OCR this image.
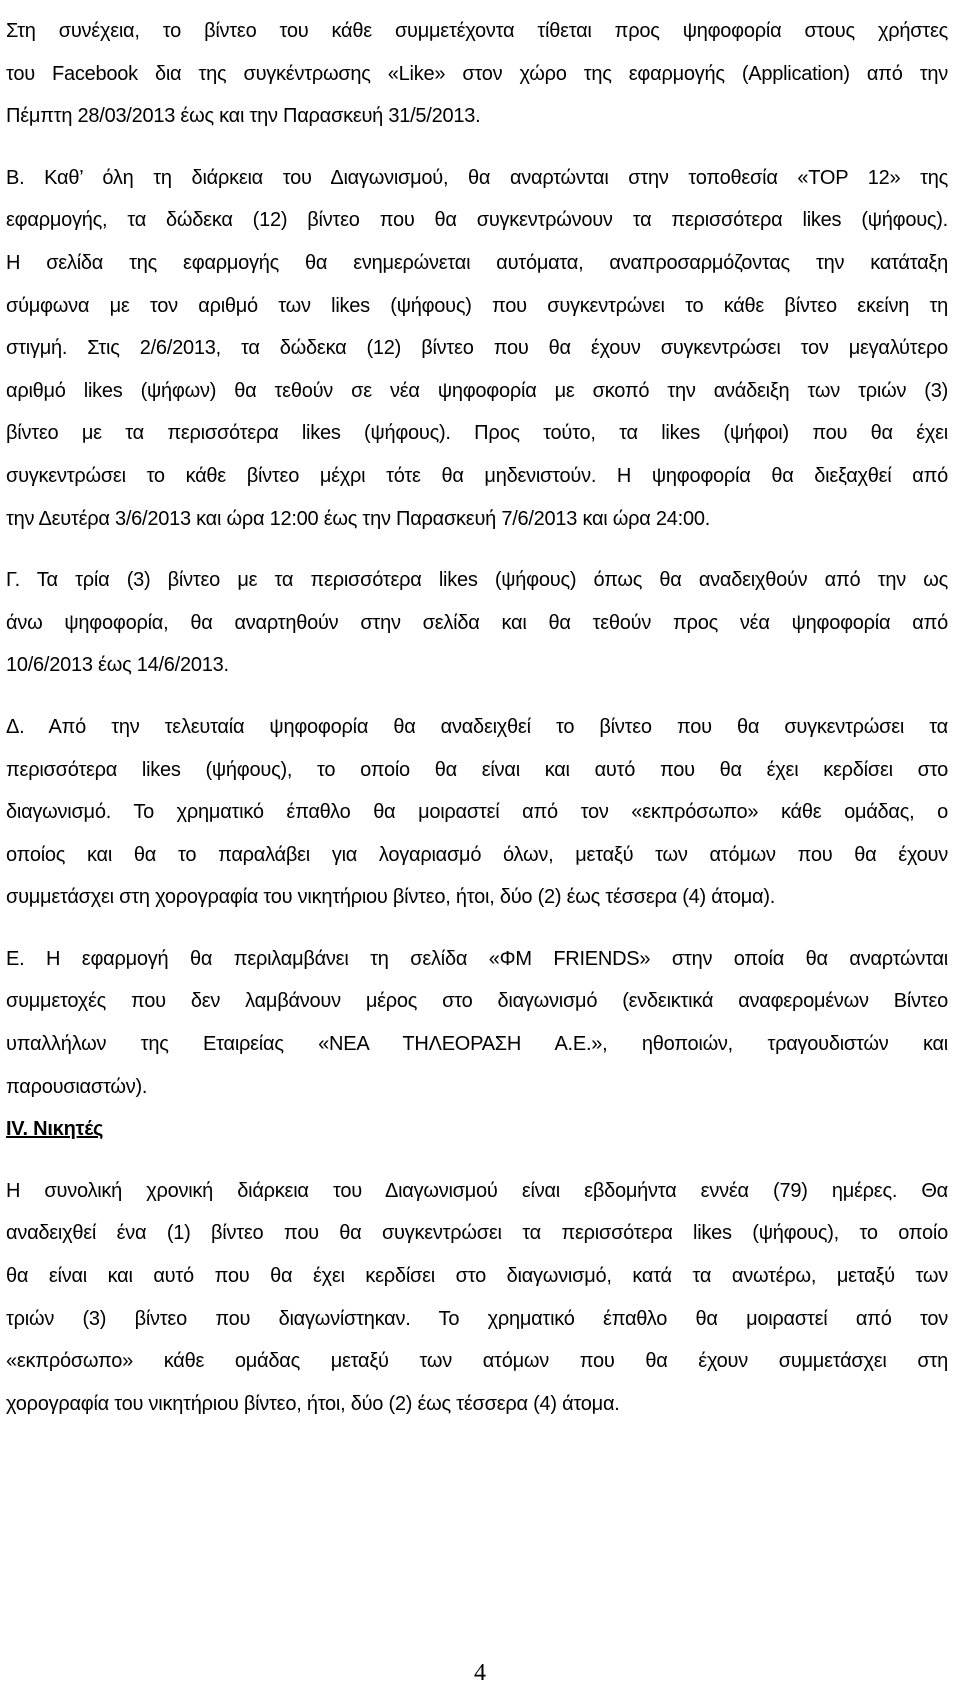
Στη συνέχεια, το βίντεο του κάθε συμμετέχοντα τίθεται προς ψηφοφορία στους χρήστες
του Facebook δια της συγκέντρωσης «Like» στον χώρο της εφαρμογής (Application) από την
Πέμπτη 28/03/2013 έως και την Παρασκευή 31/5/2013.
Β. Καθ’ όλη τη διάρκεια του Διαγωνισμού, θα αναρτώνται στην τοποθεσία «TOP 12» της
εφαρμογής, τα δώδεκα (12) βίντεο που θα συγκεντρώνουν τα περισσότερα likes (ψήφους).
Η σελίδα της εφαρμογής θα ενημερώνεται αυτόματα, αναπροσαρμόζοντας την κατάταξη
σύμφωνα με τον αριθμό των likes (ψήφους) που συγκεντρώνει το κάθε βίντεο εκείνη τη
στιγμή. Στις 2/6/2013, τα δώδεκα (12) βίντεο που θα έχουν συγκεντρώσει τον μεγαλύτερο
αριθμό likes (ψήφων) θα τεθούν σε νέα ψηφοφορία με σκοπό την ανάδειξη των τριών (3)
βίντεο με τα περισσότερα likes (ψήφους). Προς τούτο, τα likes (ψήφοι) που θα έχει
συγκεντρώσει το κάθε βίντεο μέχρι τότε θα μηδενιστούν. Η ψηφοφορία θα διεξαχθεί από
την Δευτέρα 3/6/2013 και ώρα 12:00 έως την Παρασκευή 7/6/2013 και ώρα 24:00.
Γ. Τα τρία (3) βίντεο με τα περισσότερα likes (ψήφους) όπως θα αναδειχθούν από την ως
άνω ψηφοφορία, θα αναρτηθούν στην σελίδα και θα τεθούν προς νέα ψηφοφορία από
10/6/2013 έως 14/6/2013.
Δ. Από την τελευταία ψηφοφορία θα αναδειχθεί το βίντεο που θα συγκεντρώσει τα
περισσότερα likes (ψήφους), το οποίο θα είναι και αυτό που θα έχει κερδίσει στο
διαγωνισμό. Το χρηματικό έπαθλο θα μοιραστεί από τον «εκπρόσωπο» κάθε ομάδας, ο
οποίος και θα το παραλάβει για λογαριασμό όλων, μεταξύ των ατόμων που θα έχουν
συμμετάσχει στη χορογραφία του νικητήριου βίντεο, ήτοι, δύο (2) έως τέσσερα (4) άτομα).
Ε. Η εφαρμογή θα περιλαμβάνει τη σελίδα «ΦΜ FRIENDS» στην οποία θα αναρτώνται
συμμετοχές που δεν λαμβάνουν μέρος στο διαγωνισμό (ενδεικτικά αναφερομένων Βίντεο
υπαλλήλων της Εταιρείας «ΝΕΑ ΤΗΛΕΟΡΑΣΗ Α.Ε.», ηθοποιών, τραγουδιστών και
παρουσιαστών).
IV. Νικητές
Η συνολική χρονική διάρκεια του Διαγωνισμού είναι εβδομήντα εννέα (79) ημέρες. Θα
αναδειχθεί ένα (1) βίντεο που θα συγκεντρώσει τα περισσότερα likes (ψήφους), το οποίο
θα είναι και αυτό που θα έχει κερδίσει στο διαγωνισμό, κατά τα ανωτέρω, μεταξύ των
τριών (3) βίντεο που διαγωνίστηκαν. Το χρηματικό έπαθλο θα μοιραστεί από τον
«εκπρόσωπο» κάθε ομάδας μεταξύ των ατόμων που θα έχουν συμμετάσχει στη
χορογραφία του νικητήριου βίντεο, ήτοι, δύο (2) έως τέσσερα (4) άτομα.
4
